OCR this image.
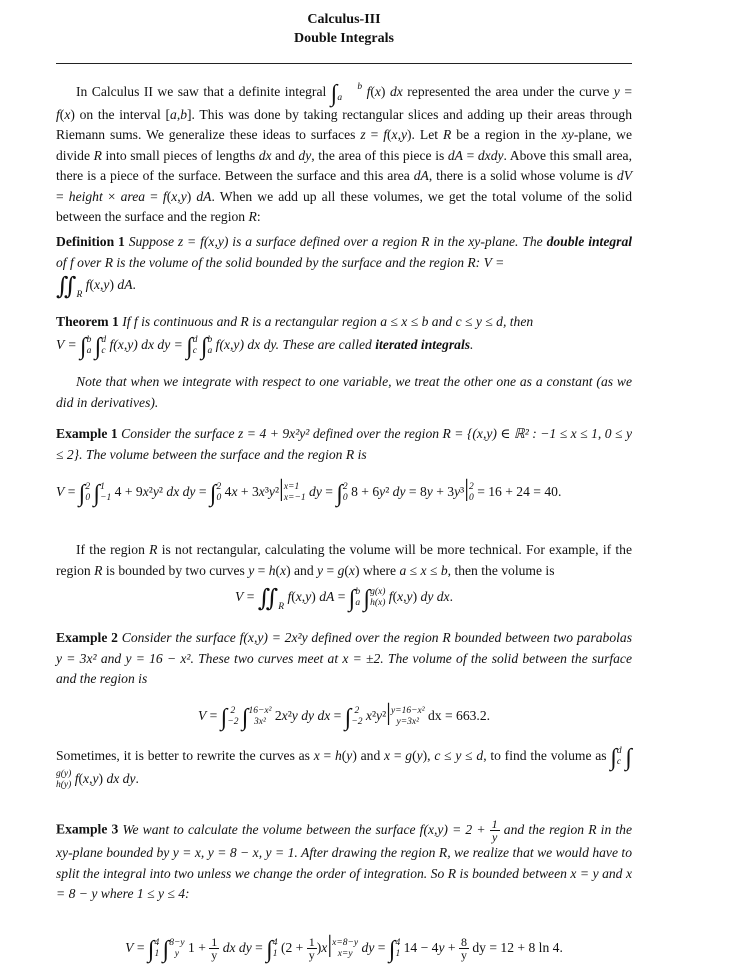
Calculus-III
Double Integrals
In Calculus II we saw that a definite integral ∫ b
a f(x) dx represented the area under the curve y = f(x) on the interval [a,b]. This was done by taking rectangular slices and adding up their areas through Riemann sums. We generalize these ideas to surfaces z = f(x,y). Let R be a region in the xy-plane, we divide R into small pieces of lengths dx and dy, the area of this piece is dA = dxdy. Above this small area, there is a piece of the surface. Between the surface and this area dA, there is a solid whose volume is dV = height × area = f(x,y) dA. When we add up all these volumes, we get the total volume of the solid between the surface and the region R:
Definition 1 Suppose z = f(x,y) is a surface defined over a region R in the xy-plane. The double integral of f over R is the volume of the solid bounded by the surface and the region R: V =
$∬_R$ f(x,y) dA.
Theorem 1 If f is continuous and R is a rectangular region a ≤ x ≤ b and c ≤ y ≤ d, then
V = ∫b
a ∫d
c f(x,y) dx dy = ∫d
c ∫b
a f(x,y) dx dy. These are called iterated integrals.
Note that when we integrate with respect to one variable, we treat the other one as a constant (as we did in derivatives).
Example 1 Consider the surface z = 4 + 9x²y² defined over the region R = {(x,y) ∈ ℝ² : −1 ≤ x ≤ 1, 0 ≤ y ≤ 2}. The volume between the surface and the region R is
V = ∫2
0 ∫1
−1 4 + 9x²y² dx dy = ∫2
0 4x + 3x³y²|x=1
x=−1 dy = ∫2
0 8 + 6y² dy = 8y + 3y³|2
0 = 16 + 24 = 40.
If the region R is not rectangular, calculating the volume will be more technical. For example, if the region R is bounded by two curves y = h(x) and y = g(x) where a ≤ x ≤ b, then the volume is
$V = ∬_R$ f(x,y) dA = ∫b
a ∫g(x)
h(x) f(x,y) dy dx.
Example 2 Consider the surface f(x,y) = 2x²y defined over the region R bounded between two parabolas y = 3x² and y = 16 − x². These two curves meet at x = ±2. The volume of the solid between the surface and the region is
V = ∫ 2
−2 ∫16−x²
3x² 2x²y dy dx = ∫ 2
−2 x²y²|y=16−x²
y=3x² dx = 663.2.
Sometimes, it is better to rewrite the curves as x = h(y) and x = g(y), c ≤ y ≤ d, to find the volume as ∫d
c ∫g(y)
h(y) f(x,y) dx dy.
Example 3 We want to calculate the volume between the surface $f(x,y) = 2 + \frac{1}{y}$ and the region R in the xy-plane bounded by y = x, y = 8 − x, y = 1. After drawing the region R, we realize that we would have to split the integral into two unless we change the order of integration. So R is bounded between x = y and x = 8 − y where 1 ≤ y ≤ 4:
V = ∫4
1 ∫8−y
y $1 + \frac{1}{y}$ dx dy = ∫4
1 $(2 + \frac{1}{y} )x|x=8-y$
x=y dy = ∫4
1 $14 - 4y + \frac{8}{y}$ dy = 12 + 8 ln 4.
